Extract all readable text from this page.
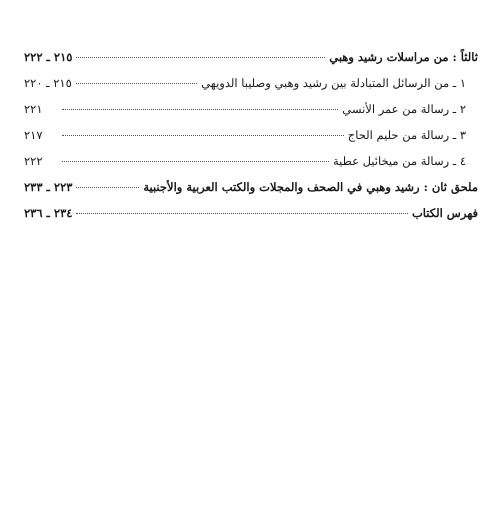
ثالثاً : من مراسلات رشيد وهبي
٢١٥ ـ ٢٢٢
١ ـ من الرسائل المتبادلة بين رشيد وهبي وصليبا الدويهي
٢١٥ ـ ٢٢٠
٢ ـ رسالة من عمر الأنسي
٢٢١
٣ ـ رسالة من حليم الحاج
٢١٧
٤ ـ رسالة من ميخائيل عطية
٢٢٢
ملحق ثان : رشيد وهبي في الصحف والمجلات والكتب العربية والأجنبية
٢٢٣ ـ ٢٣٣
فهرس الكتاب
٢٣٤ ـ ٢٣٦
